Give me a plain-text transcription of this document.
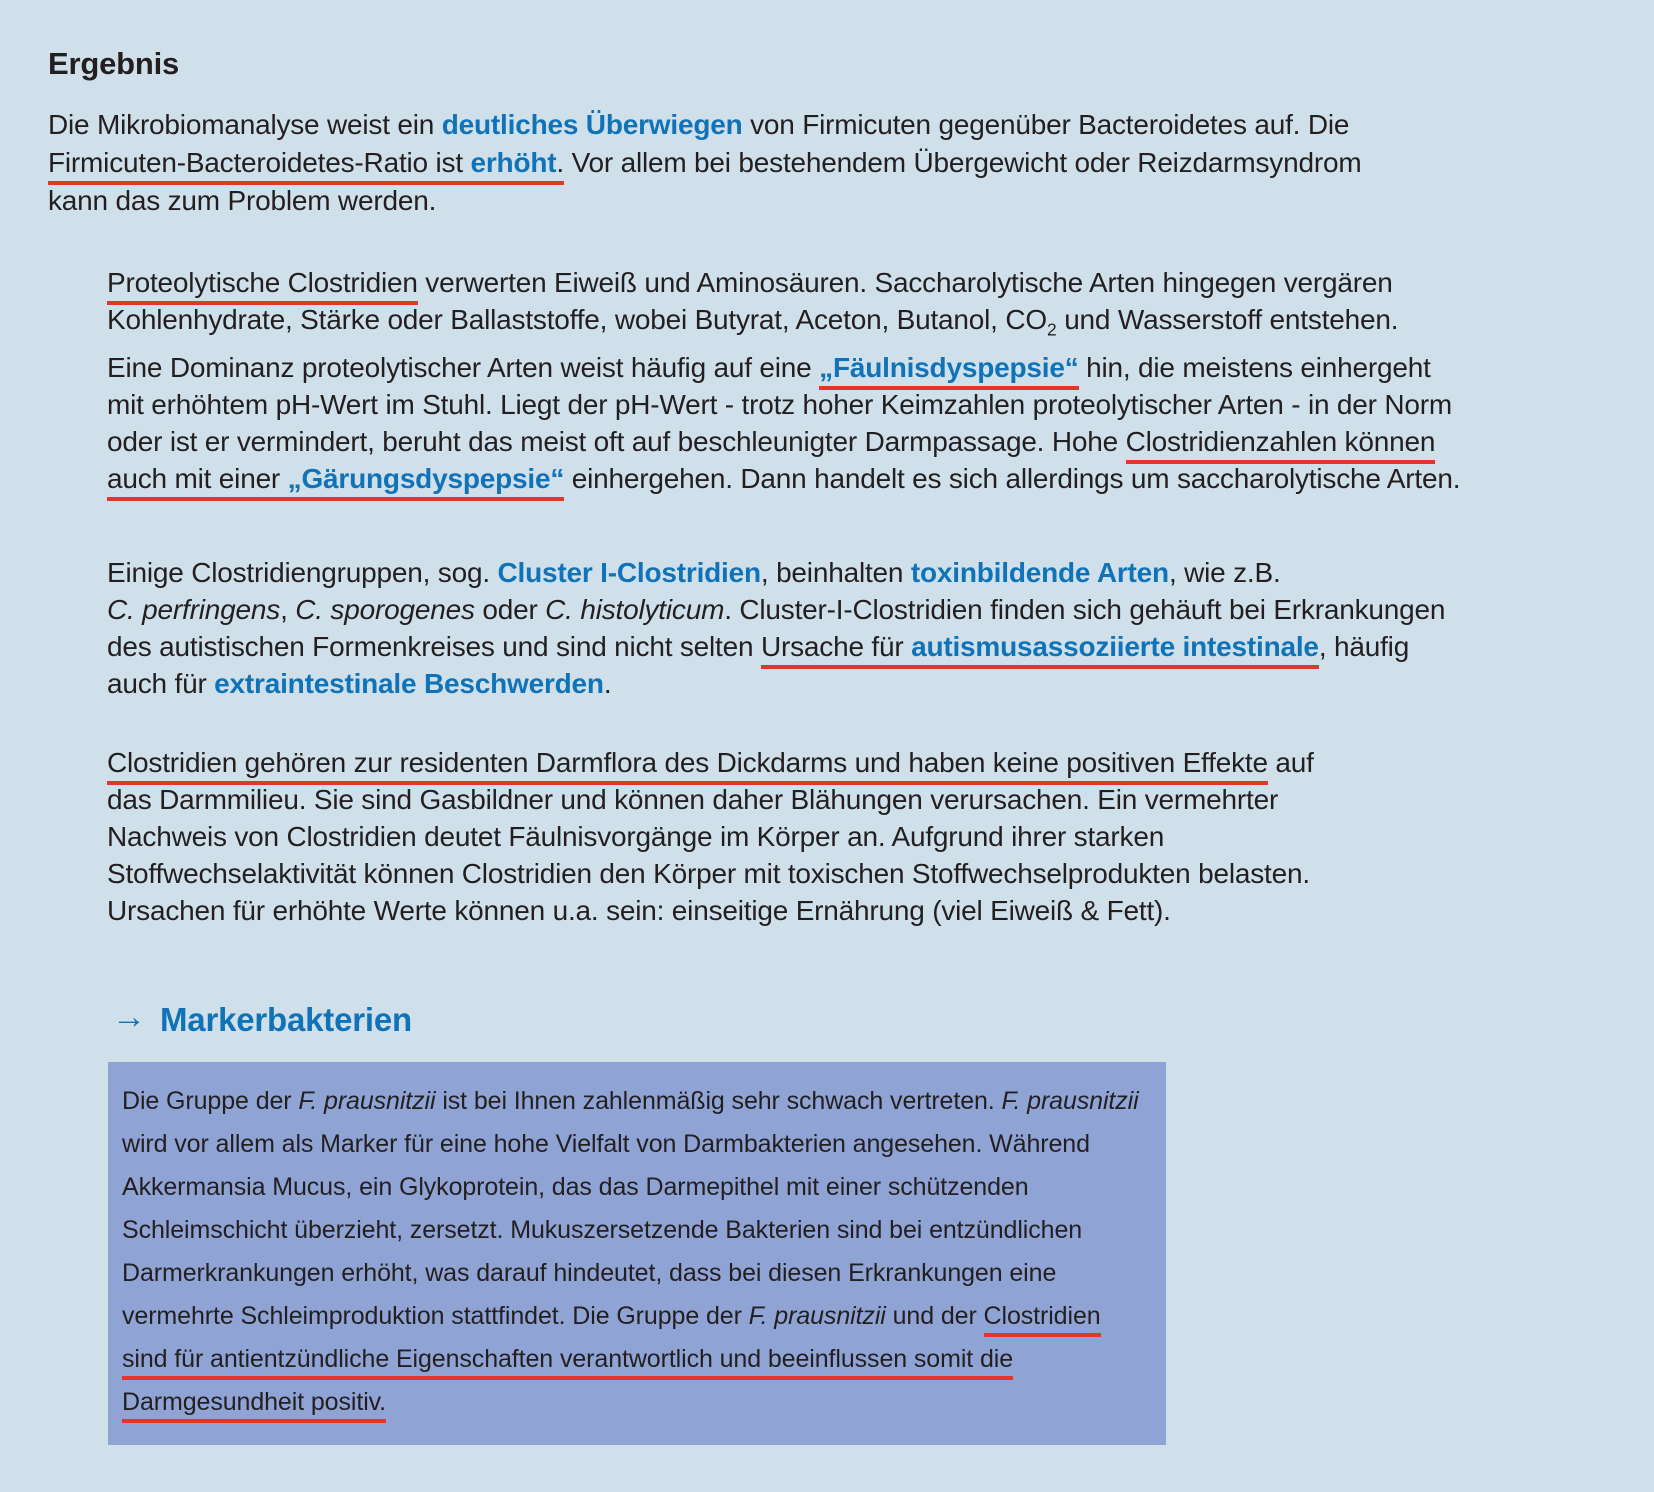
Ergebnis
Die Mikrobiomanalyse weist ein deutliches Überwiegen von Firmicuten gegenüber Bacteroidetes auf. Die
Firmicuten-Bacteroidetes-Ratio ist erhöht. Vor allem bei bestehendem Übergewicht oder Reizdarmsyndrom
kann das zum Problem werden.
Proteolytische Clostridien verwerten Eiweiß und Aminosäuren. Saccharolytische Arten hingegen vergären
Kohlenhydrate, Stärke oder Ballaststoffe, wobei Butyrat, Aceton, Butanol, $CO_2$ und Wasserstoff entstehen.
Eine Dominanz proteolytischer Arten weist häufig auf eine „Fäulnisdyspepsie“ hin, die meistens einhergeht
mit erhöhtem pH-Wert im Stuhl. Liegt der pH-Wert - trotz hoher Keimzahlen proteolytischer Arten - in der Norm
oder ist er vermindert, beruht das meist oft auf beschleunigter Darmpassage. Hohe Clostridienzahlen können
auch mit einer „Gärungsdyspepsie“ einhergehen. Dann handelt es sich allerdings um saccharolytische Arten.
Einige Clostridiengruppen, sog. Cluster I-Clostridien, beinhalten toxinbildende Arten, wie z.B.
C. perfringens, C. sporogenes oder C. histolyticum. Cluster-I-Clostridien finden sich gehäuft bei Erkrankungen
des autistischen Formenkreises und sind nicht selten Ursache für autismusassoziierte intestinale, häufig
auch für extraintestinale Beschwerden.
Clostridien gehören zur residenten Darmflora des Dickdarms und haben keine positiven Effekte auf
das Darmmilieu. Sie sind Gasbildner und können daher Blähungen verursachen. Ein vermehrter
Nachweis von Clostridien deutet Fäulnisvorgänge im Körper an. Aufgrund ihrer starken
Stoffwechselaktivität können Clostridien den Körper mit toxischen Stoffwechselprodukten belasten.
Ursachen für erhöhte Werte können u.a. sein: einseitige Ernährung (viel Eiweiß & Fett).
→ Markerbakterien
Die Gruppe der F. prausnitzii ist bei Ihnen zahlenmäßig sehr schwach vertreten. F. prausnitzii
wird vor allem als Marker für eine hohe Vielfalt von Darmbakterien angesehen. Während
Akkermansia Mucus, ein Glykoprotein, das das Darmepithel mit einer schützenden
Schleimschicht überzieht, zersetzt. Mukuszersetzende Bakterien sind bei entzündlichen
Darmerkrankungen erhöht, was darauf hindeutet, dass bei diesen Erkrankungen eine
vermehrte Schleimproduktion stattfindet. Die Gruppe der F. prausnitzii und der Clostridien
sind für antientzündliche Eigenschaften verantwortlich und beeinflussen somit die
Darmgesundheit positiv.
